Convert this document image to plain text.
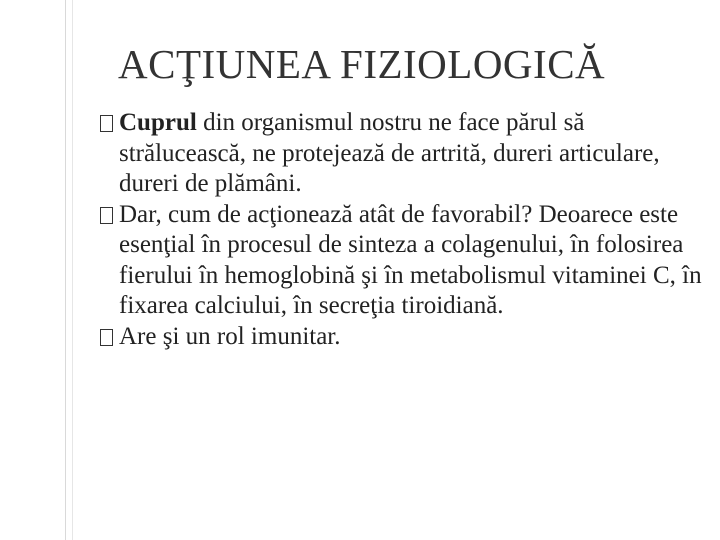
ACŢIUNEA FIZIOLOGICĂ
Cuprul din organismul nostru ne face părul să strălucească, ne protejează de artrită, dureri articulare, dureri de plămâni.
Dar, cum de acţionează atât de favorabil? Deoarece este esenţial în procesul de sinteza a colagenului, în folosirea fierului în hemoglobină şi în metabolismul vitaminei C, în fixarea calciului, în secreţia tiroidiană.
Are şi un rol imunitar.
